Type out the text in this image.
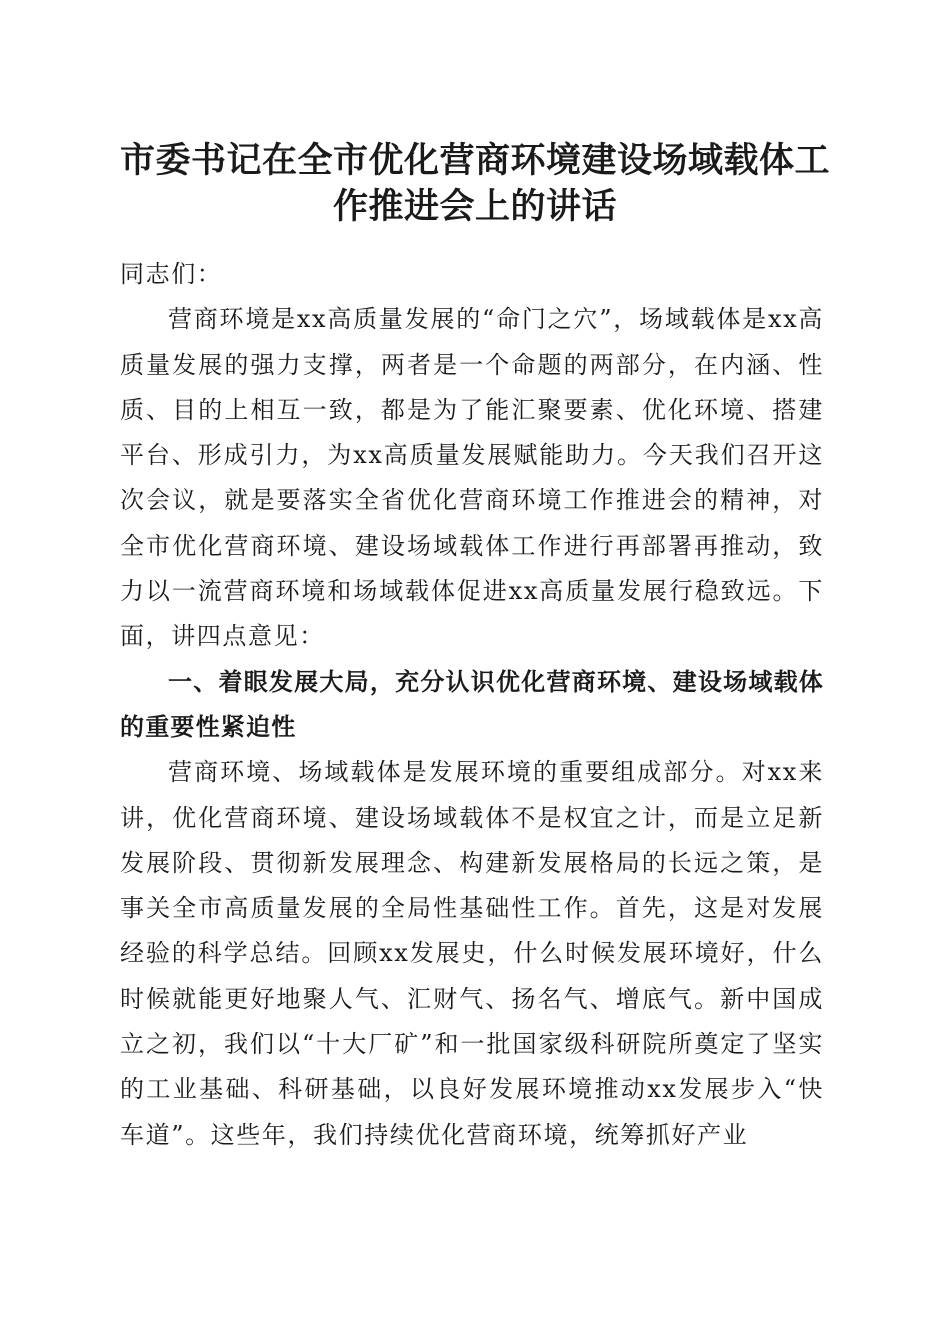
市委书记在全市优化营商环境建设场域载体工作推进会上的讲话

同志们：

营商环境是xx高质量发展的“命门之穴”，场域载体是xx高质量发展的强力支撑，两者是一个命题的两部分，在内涵、性质、目的上相互一致，都是为了能汇聚要素、优化环境、搭建平台、形成引力，为xx高质量发展赋能助力。今天我们召开这次会议，就是要落实全省优化营商环境工作推进会的精神，对全市优化营商环境、建设场域载体工作进行再部署再推动，致力以一流营商环境和场域载体促进xx高质量发展行稳致远。下面，讲四点意见：

一、着眼发展大局，充分认识优化营商环境、建设场域载体的重要性紧迫性

营商环境、场域载体是发展环境的重要组成部分。对xx来讲，优化营商环境、建设场域载体不是权宜之计，而是立足新发展阶段、贯彻新发展理念、构建新发展格局的长远之策，是事关全市高质量发展的全局性基础性工作。首先，这是对发展经验的科学总结。回顾xx发展史，什么时候发展环境好，什么时候就能更好地聚人气、汇财气、扬名气、增底气。新中国成立之初，我们以“十大厂矿”和一批国家级科研院所奠定了坚实的工业基础、科研基础，以良好发展环境推动xx发展步入“快车道”。这些年，我们持续优化营商环境，统筹抓好产业
